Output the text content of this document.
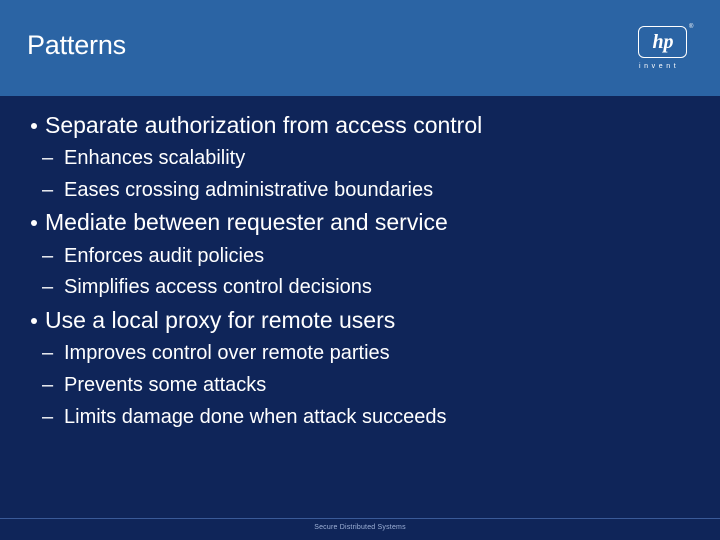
Patterns	hp
®
invent
Separate authorization from access control
– Enhances scalability
– Eases crossing administrative boundaries
Mediate between requester and service
– Enforces audit policies
– Simplifies access control decisions
Use a local proxy for remote users
– Improves control over remote parties
– Prevents some attacks
– Limits damage done when attack succeeds
Secure Distributed Systems
